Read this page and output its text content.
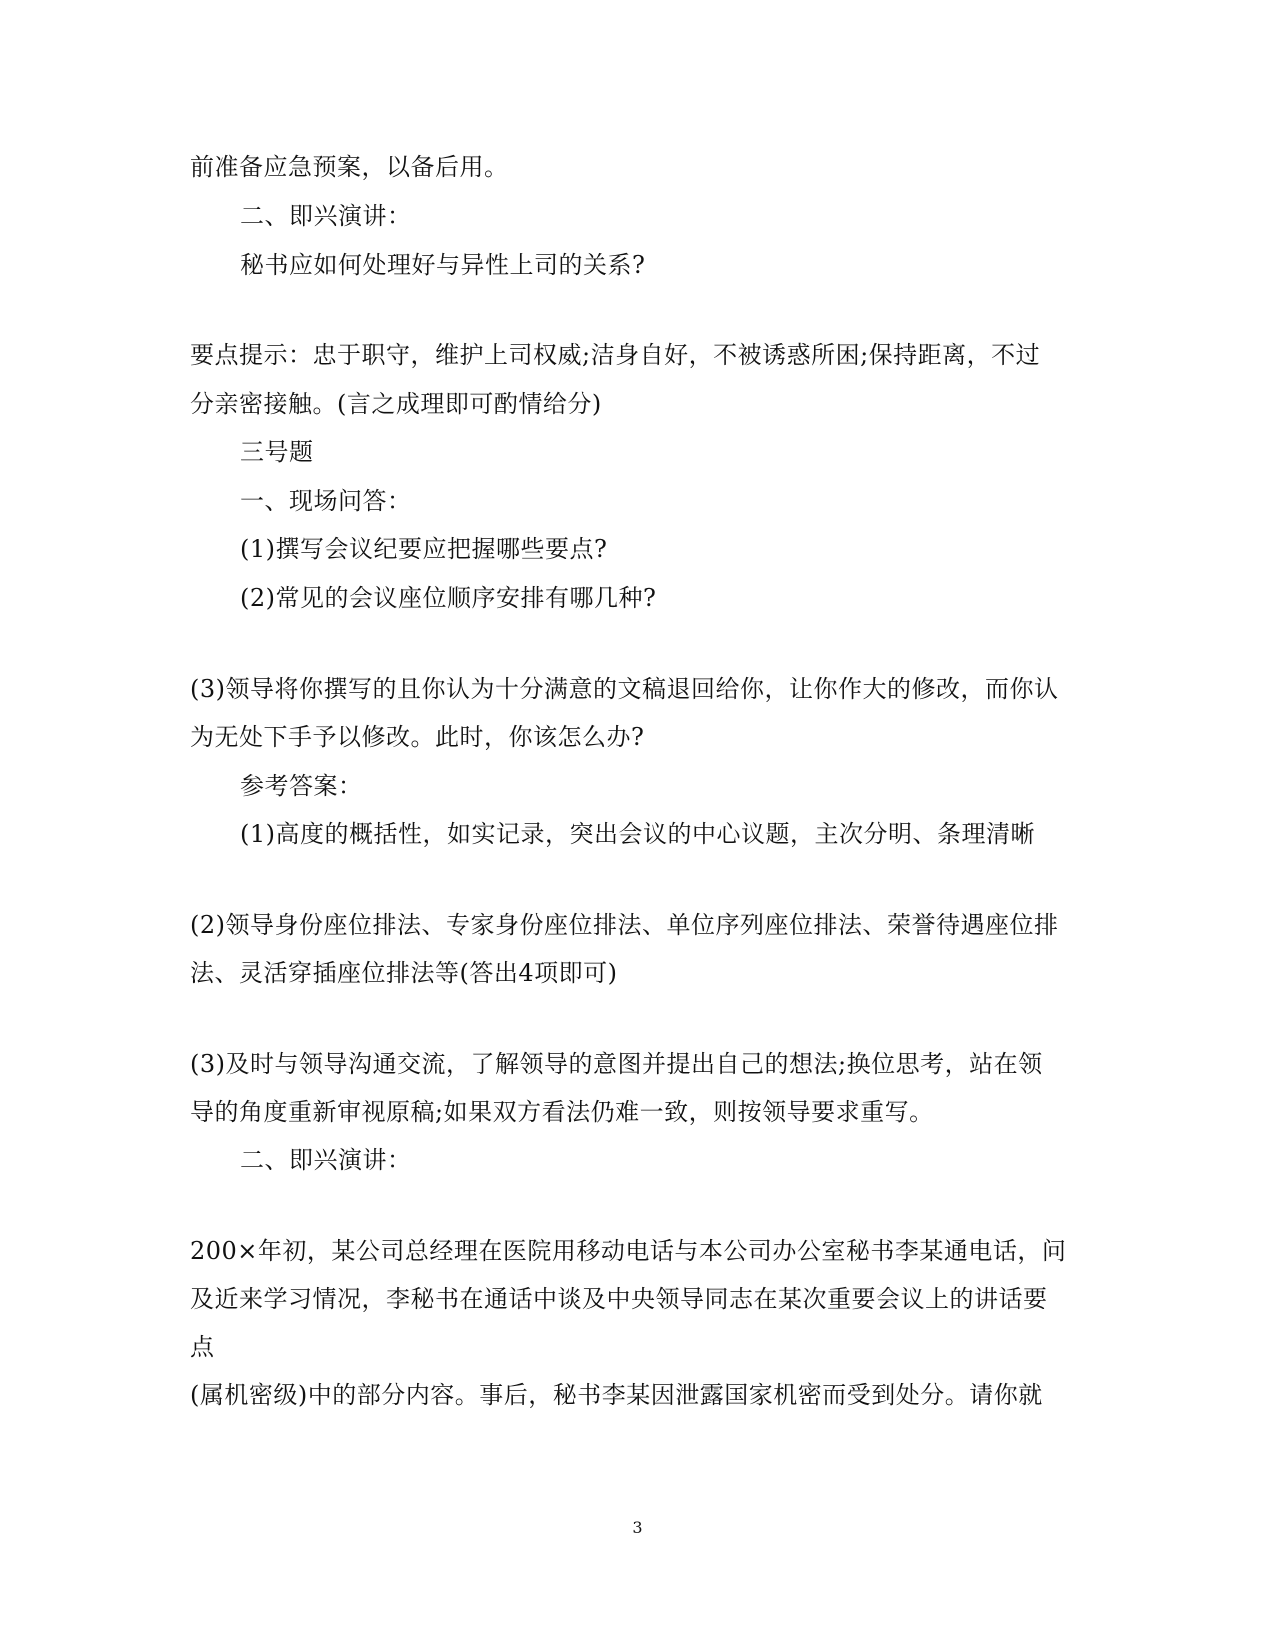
前准备应急预案，以备后用。
二、即兴演讲：
秘书应如何处理好与异性上司的关系?
要点提示：忠于职守，维护上司权威;洁身自好，不被诱惑所困;保持距离，不过
分亲密接触。(言之成理即可酌情给分)
三号题
一、现场问答：
(1)撰写会议纪要应把握哪些要点?
(2)常见的会议座位顺序安排有哪几种?
(3)领导将你撰写的且你认为十分满意的文稿退回给你，让你作大的修改，而你认
为无处下手予以修改。此时，你该怎么办?
参考答案：
(1)高度的概括性，如实记录，突出会议的中心议题，主次分明、条理清晰
(2)领导身份座位排法、专家身份座位排法、单位序列座位排法、荣誉待遇座位排
法、灵活穿插座位排法等(答出4项即可)
(3)及时与领导沟通交流，了解领导的意图并提出自己的想法;换位思考，站在领
导的角度重新审视原稿;如果双方看法仍难一致，则按领导要求重写。
二、即兴演讲：
200×年初，某公司总经理在医院用移动电话与本公司办公室秘书李某通电话，问
及近来学习情况，李秘书在通话中谈及中央领导同志在某次重要会议上的讲话要
点
(属机密级)中的部分内容。事后，秘书李某因泄露国家机密而受到处分。请你就
3
